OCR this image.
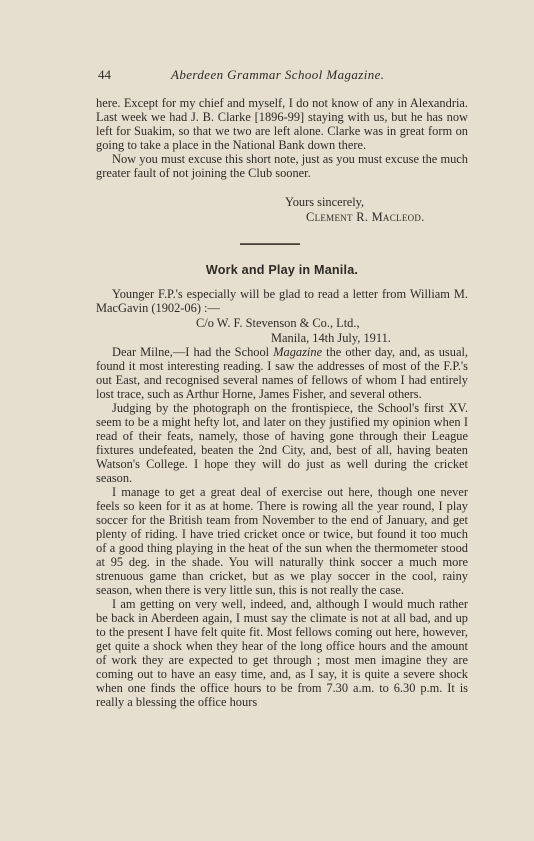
44	Aberdeen Grammar School Magazine.

here. Except for my chief and myself, I do not know of any in Alexandria. Last week we had J. B. Clarke [1896-99] staying with us, but he has now left for Suakim, so that we two are left alone. Clarke was in great form on going to take a place in the National Bank down there.

Now you must excuse this short note, just as you must excuse the much greater fault of not joining the Club sooner.

Yours sincerely,
Clement R. Macleod.
Work and Play in Manila.

Younger F.P.'s especially will be glad to read a letter from William M. MacGavin (1902-06) :—

C/o W. F. Stevenson & Co., Ltd.,
Manila, 14th July, 1911.

Dear Milne,—I had the School Magazine the other day, and, as usual, found it most interesting reading. I saw the addresses of most of the F.P.'s out East, and recognised several names of fellows of whom I had entirely lost trace, such as Arthur Horne, James Fisher, and several others.

Judging by the photograph on the frontispiece, the School's first XV. seem to be a might hefty lot, and later on they justified my opinion when I read of their feats, namely, those of having gone through their League fixtures undefeated, beaten the 2nd City, and, best of all, having beaten Watson's College. I hope they will do just as well during the cricket season.

I manage to get a great deal of exercise out here, though one never feels so keen for it as at home. There is rowing all the year round, I play soccer for the British team from November to the end of January, and get plenty of riding. I have tried cricket once or twice, but found it too much of a good thing playing in the heat of the sun when the thermometer stood at 95 deg. in the shade. You will naturally think soccer a much more strenuous game than cricket, but as we play soccer in the cool, rainy season, when there is very little sun, this is not really the case.

I am getting on very well, indeed, and, although I would much rather be back in Aberdeen again, I must say the climate is not at all bad, and up to the present I have felt quite fit. Most fellows coming out here, however, get quite a shock when they hear of the long office hours and the amount of work they are expected to get through ; most men imagine they are coming out to have an easy time, and, as I say, it is quite a severe shock when one finds the office hours to be from 7.30 a.m. to 6.30 p.m. It is really a blessing the office hours
